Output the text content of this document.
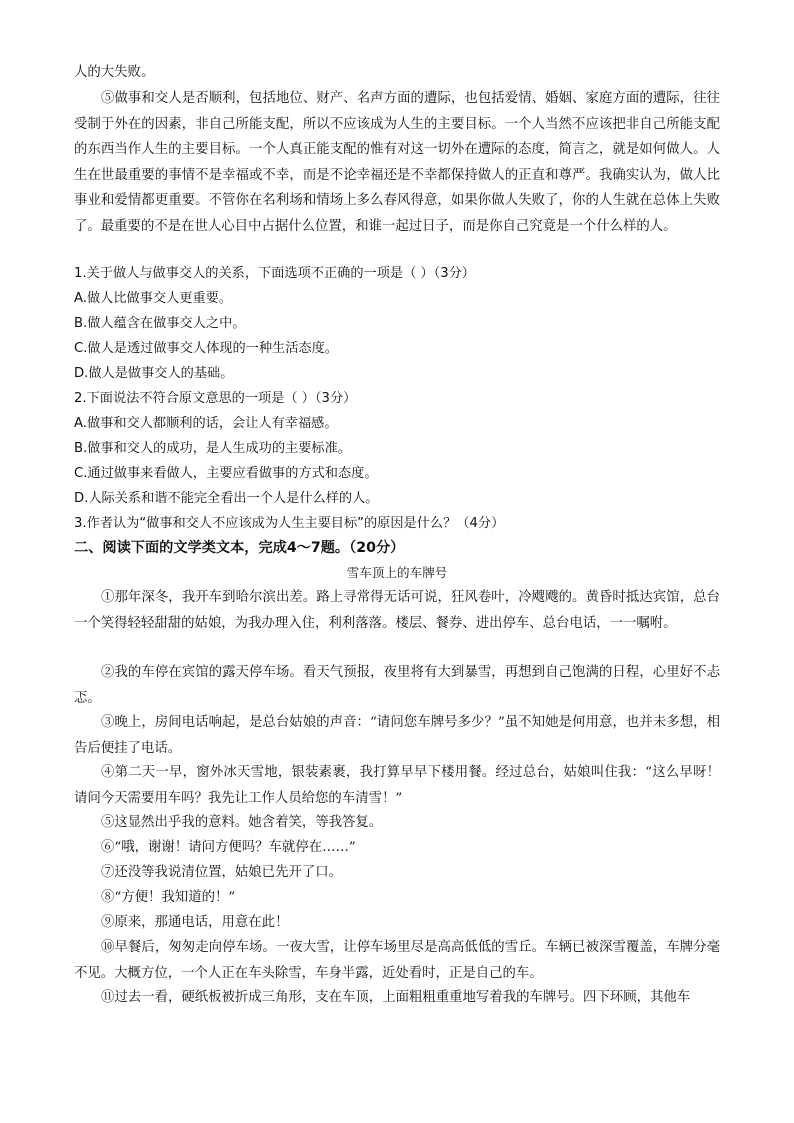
人的大失败。

⑤做事和交人是否顺利，包括地位、财产、名声方面的遭际，也包括爱情、婚姻、家庭方面的遭际，往往受制于外在的因素，非自己所能支配，所以不应该成为人生的主要目标。一个人当然不应该把非自己所能支配的东西当作人生的主要目标。一个人真正能支配的惟有对这一切外在遭际的态度，简言之，就是如何做人。人生在世最重要的事情不是幸福或不幸，而是不论幸福还是不幸都保持做人的正直和尊严。我确实认为，做人比事业和爱情都更重要。不管你在名利场和情场上多么春风得意，如果你做人失败了，你的人生就在总体上失败了。最重要的不是在世人心目中占据什么位置，和谁一起过日子，而是你自己究竟是一个什么样的人。

1.关于做人与做事交人的关系，下面选项不正确的一项是（ ）（3分）

A.做人比做事交人更重要。

B.做人蕴含在做事交人之中。

C.做人是透过做事交人体现的一种生活态度。

D.做人是做事交人的基础。

2.下面说法不符合原文意思的一项是（ ）（3分）

A.做事和交人都顺利的话，会让人有幸福感。

B.做事和交人的成功，是人生成功的主要标准。

C.通过做事来看做人，主要应看做事的方式和态度。

D.人际关系和谐不能完全看出一个人是什么样的人。

3.作者认为“做事和交人不应该成为人生主要目标”的原因是什么？（4分）

二、阅读下面的文学类文本，完成4～7题。（20分）

雪车顶上的车牌号

①那年深冬，我开车到哈尔滨出差。路上寻常得无话可说，狂风卷叶，冷飕飕的。黄昏时抵达宾馆，总台一个笑得轻轻甜甜的姑娘，为我办理入住，利利落落。楼层、餐券、进出停车、总台电话，一一嘱咐。

②我的车停在宾馆的露天停车场。看天气预报，夜里将有大到暴雪，再想到自己饱满的日程，心里好不忐忑。

③晚上，房间电话响起，是总台姑娘的声音：“请问您车牌号多少？”虽不知她是何用意，也并未多想，相告后便挂了电话。

④第二天一早，窗外冰天雪地，银装素裹，我打算早早下楼用餐。经过总台，姑娘叫住我：“这么早呀！请问今天需要用车吗？我先让工作人员给您的车清雪！”

⑤这显然出乎我的意料。她含着笑，等我答复。

⑥“哦，谢谢！请问方便吗？车就停在……”

⑦还没等我说清位置，姑娘已先开了口。

⑧“方便！我知道的！”

⑨原来，那通电话，用意在此！

⑩早餐后，匆匆走向停车场。一夜大雪，让停车场里尽是高高低低的雪丘。车辆已被深雪覆盖，车牌分毫不见。大概方位，一个人正在车头除雪，车身半露，近处看时，正是自己的车。

⑪过去一看，硬纸板被折成三角形，支在车顶，上面粗粗重重地写着我的车牌号。四下环顾，其他车
